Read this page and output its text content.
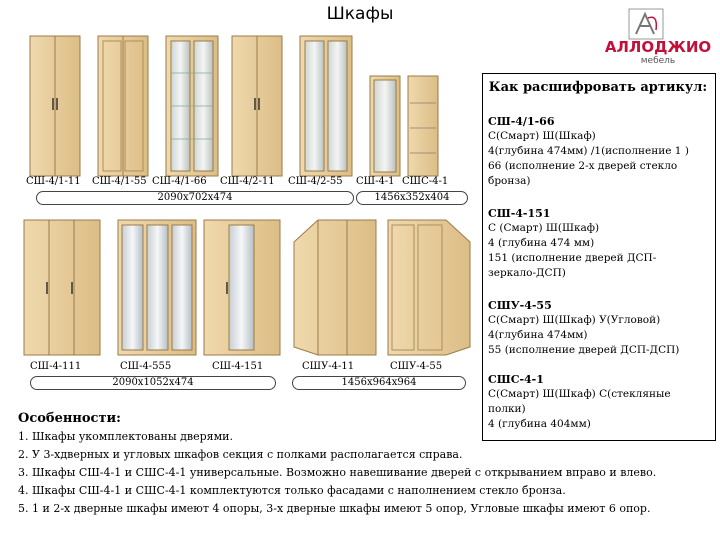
Шкафы
АЛЛОДЖИО
мебель
СШ-4/1-11 СШ-4/1-55 СШ-4/1-66 СШ-4/2-11 СШ-4/2-55 СШ-4-1 СШС-4-1
2090х702х474	1456х352х404
СШ-4-111	СШ-4-555	СШ-4-151	СШУ-4-11	СШУ-4-55
2090х1052х474	1456х964х964
Как расшифровать артикул:
СШ-4/1-66
С(Смарт) Ш(Шкаф)
4(глубина 474мм) /1(исполнение 1 )
66 (исполнение 2-х дверей стекло
бронза)
СШ-4-151
С (Смарт) Ш(Шкаф)
4 (глубина 474 мм)
151 (исполнение дверей ДСП-
зеркало-ДСП)
СШУ-4-55
С(Смарт) Ш(Шкаф) У(Угловой)
4(глубина 474мм)
55 (исполнение дверей ДСП-ДСП)
СШС-4-1
С(Смарт) Ш(Шкаф) С(стекляные
полки)
4 (глубина 404мм)
Особенности:
1. Шкафы укомплектованы дверями.
2. У 3-хдверных и угловых шкафов секция с полками располагается справа.
3. Шкафы СШ-4-1 и СШС-4-1 универсальные. Возможно навешивание дверей с открыванием вправо и влево.
4. Шкафы СШ-4-1 и СШС-4-1 комплектуются только фасадами с наполнением стекло бронза.
5. 1 и 2-х дверные шкафы имеют 4 опоры, 3-х дверные шкафы имеют 5 опор, Угловые шкафы имеют 6 опор.
